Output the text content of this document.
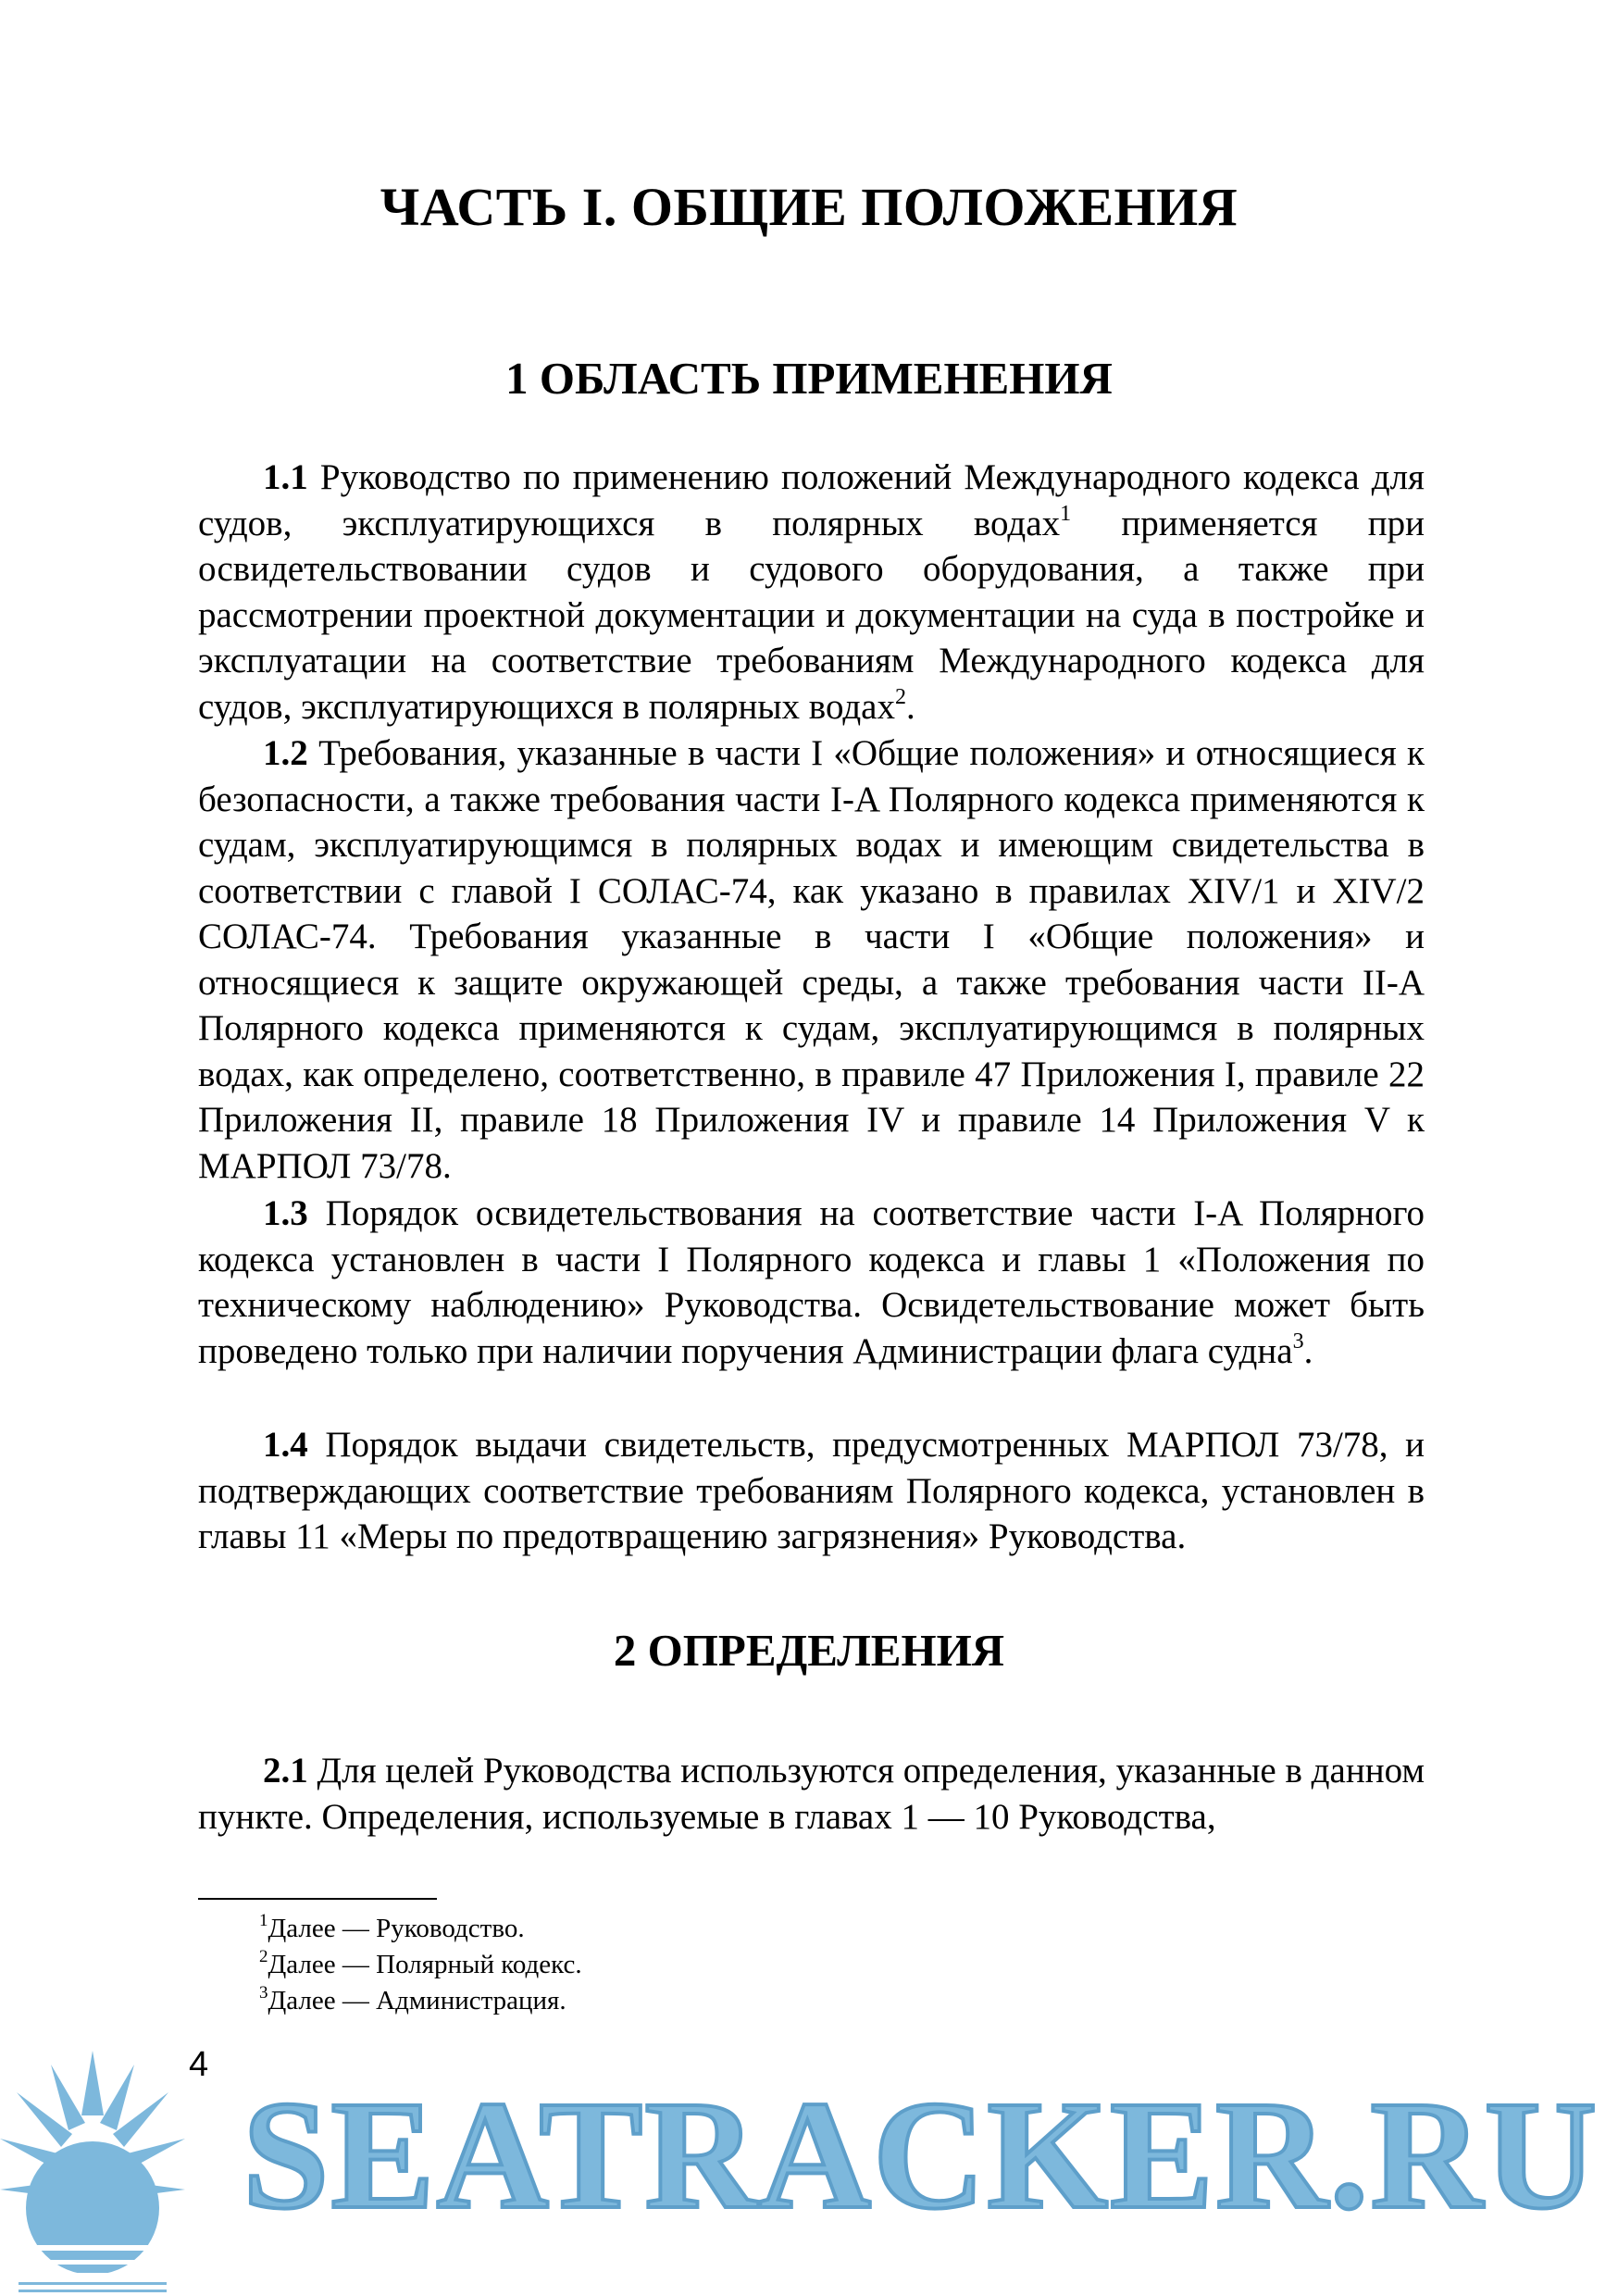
ЧАСТЬ I. ОБЩИЕ ПОЛОЖЕНИЯ
1 ОБЛАСТЬ ПРИМЕНЕНИЯ

1.1 Руководство по применению положений Международного кодекса для судов, эксплуатирующихся в полярных водах$^1$ применяется при освидетельствовании судов и судового оборудования, а также при рассмотрении проектной документации и документации на суда в постройке и эксплуатации на соответствие требованиям Международного кодекса для судов, эксплуатирующихся в полярных водах$^2$.

1.2 Требования, указанные в части I «Общие положения» и относящиеся к безопасности, а также требования части I-A Полярного кодекса применяются к судам, эксплуатирующимся в полярных водах и имеющим свидетельства в соответствии с главой I СОЛАС-74, как указано в правилах XIV/1 и XIV/2 СОЛАС-74. Требования указанные в части I «Общие положения» и относящиеся к защите окружающей среды, а также требования части II-A Полярного кодекса применяются к судам, эксплуатирующимся в полярных водах, как определено, соответственно, в правиле 47 Приложения I, правиле 22 Приложения II, правиле 18 Приложения IV и правиле 14 Приложения V к МАРПОЛ 73/78.

1.3 Порядок освидетельствования на соответствие части I-A Полярного кодекса установлен в части I Полярного кодекса и главы 1 «Положения по техническому наблюдению» Руководства. Освидетельствование может быть проведено только при наличии поручения Администрации флага судна$^3$.

1.4 Порядок выдачи свидетельств, предусмотренных МАРПОЛ 73/78, и подтверждающих соответствие требованиям Полярного кодекса, установлен в главы 11 «Меры по предотвращению загрязнения» Руководства.

2 ОПРЕДЕЛЕНИЯ

2.1 Для целей Руководства используются определения, указанные в данном пункте. Определения, используемые в главах 1 — 10 Руководства,

$^1$Далее — Руководство.

$^2$Далее — Полярный кодекс.

$^3$Далее — Администрация.

4
SEATRACKER.RU
